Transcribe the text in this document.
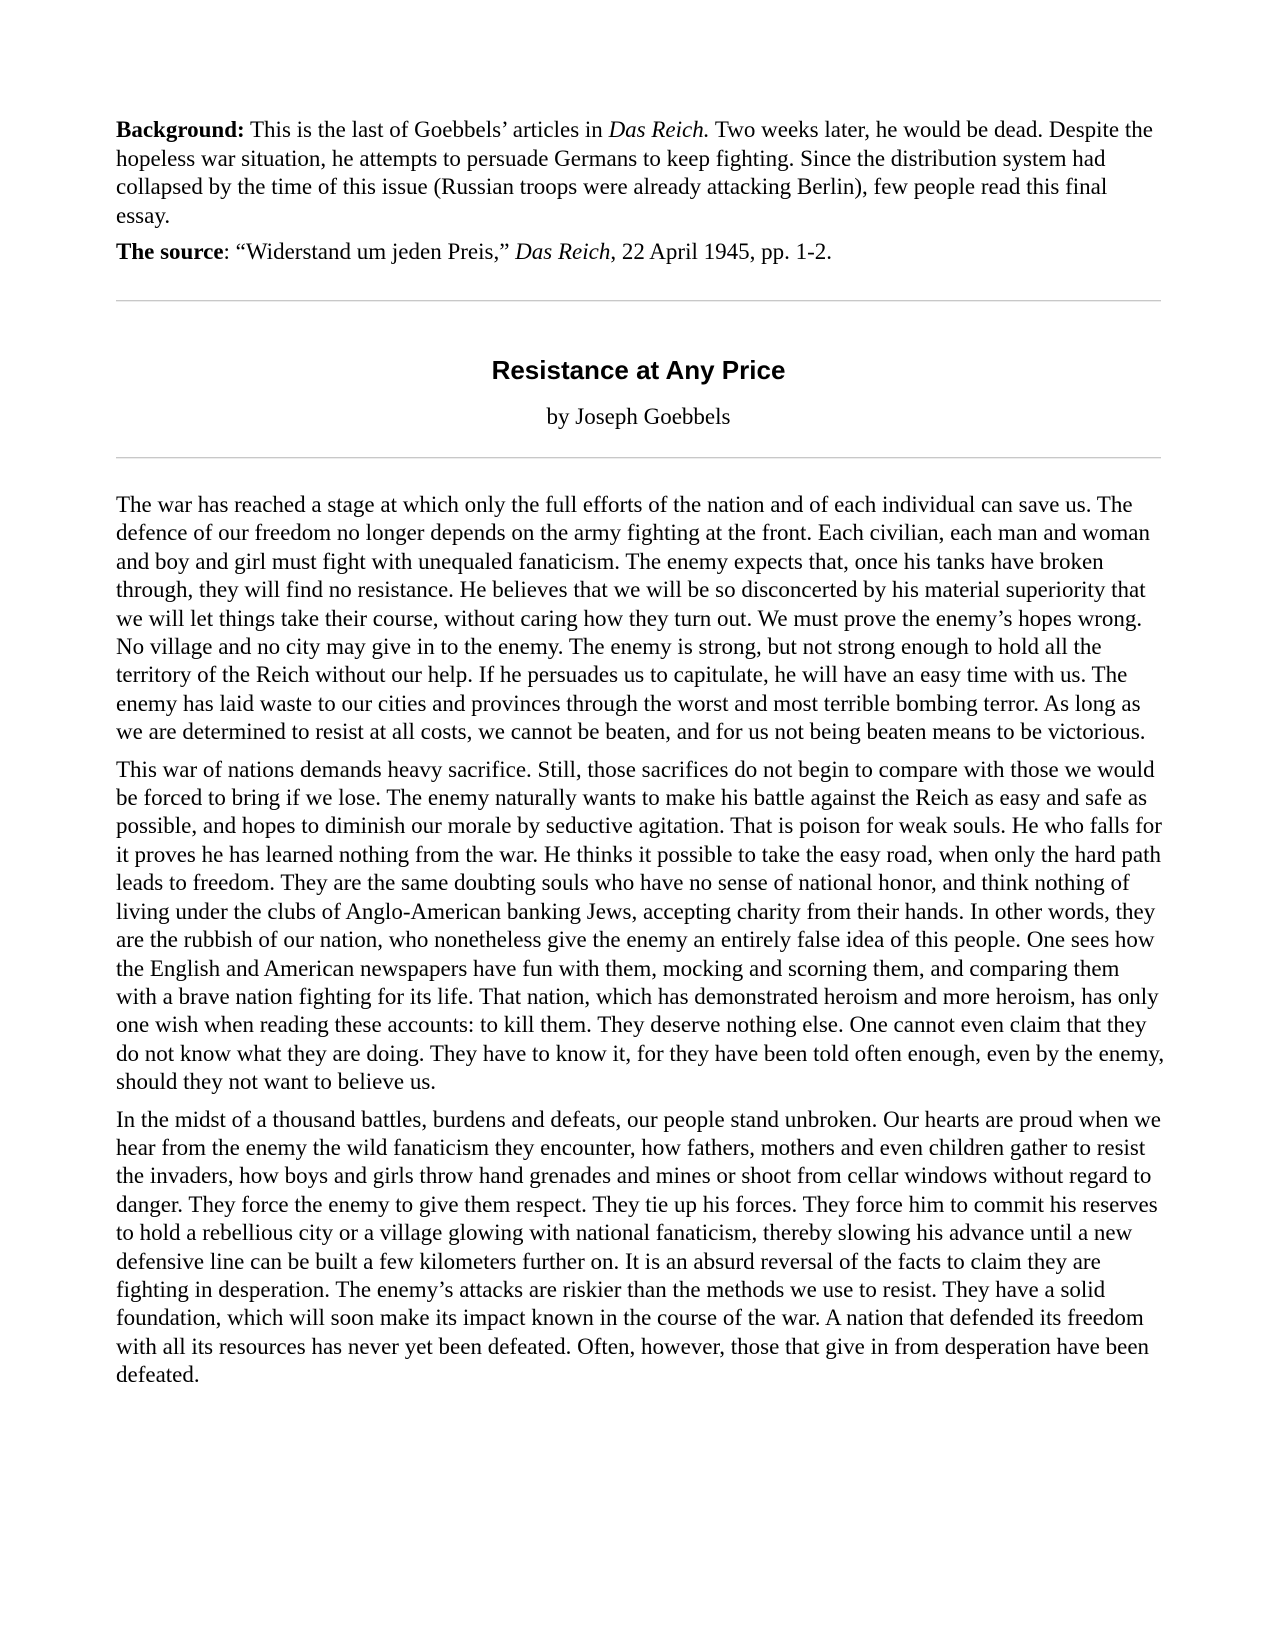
Background: This is the last of Goebbels’ articles in Das Reich. Two weeks later, he would be dead. Despite the hopeless war situation, he attempts to persuade Germans to keep fighting. Since the distribution system had collapsed by the time of this issue (Russian troops were already attacking Berlin), few people read this final essay.

The source: “Widerstand um jeden Preis,” Das Reich, 22 April 1945, pp. 1-2.

Resistance at Any Price
by Joseph Goebbels

The war has reached a stage at which only the full efforts of the nation and of each individual can save us. The defence of our freedom no longer depends on the army fighting at the front. Each civilian, each man and woman and boy and girl must fight with unequaled fanaticism. The enemy expects that, once his tanks have broken through, they will find no resistance. He believes that we will be so disconcerted by his material superiority that we will let things take their course, without caring how they turn out. We must prove the enemy’s hopes wrong. No village and no city may give in to the enemy. The enemy is strong, but not strong enough to hold all the territory of the Reich without our help. If he persuades us to capitulate, he will have an easy time with us. The enemy has laid waste to our cities and provinces through the worst and most terrible bombing terror. As long as we are determined to resist at all costs, we cannot be beaten, and for us not being beaten means to be victorious.

This war of nations demands heavy sacrifice. Still, those sacrifices do not begin to compare with those we would be forced to bring if we lose. The enemy naturally wants to make his battle against the Reich as easy and safe as possible, and hopes to diminish our morale by seductive agitation. That is poison for weak souls. He who falls for it proves he has learned nothing from the war. He thinks it possible to take the easy road, when only the hard path leads to freedom. They are the same doubting souls who have no sense of national honor, and think nothing of living under the clubs of Anglo-American banking Jews, accepting charity from their hands. In other words, they are the rubbish of our nation, who nonetheless give the enemy an entirely false idea of this people. One sees how the English and American newspapers have fun with them, mocking and scorning them, and comparing them with a brave nation fighting for its life. That nation, which has demonstrated heroism and more heroism, has only one wish when reading these accounts: to kill them. They deserve nothing else. One cannot even claim that they do not know what they are doing. They have to know it, for they have been told often enough, even by the enemy, should they not want to believe us.

In the midst of a thousand battles, burdens and defeats, our people stand unbroken. Our hearts are proud when we hear from the enemy the wild fanaticism they encounter, how fathers, mothers and even children gather to resist the invaders, how boys and girls throw hand grenades and mines or shoot from cellar windows without regard to danger. They force the enemy to give them respect. They tie up his forces. They force him to commit his reserves to hold a rebellious city or a village glowing with national fanaticism, thereby slowing his advance until a new defensive line can be built a few kilometers further on. It is an absurd reversal of the facts to claim they are fighting in desperation. The enemy’s attacks are riskier than the methods we use to resist. They have a solid foundation, which will soon make its impact known in the course of the war. A nation that defended its freedom with all its resources has never yet been defeated. Often, however, those that give in from desperation have been defeated.
